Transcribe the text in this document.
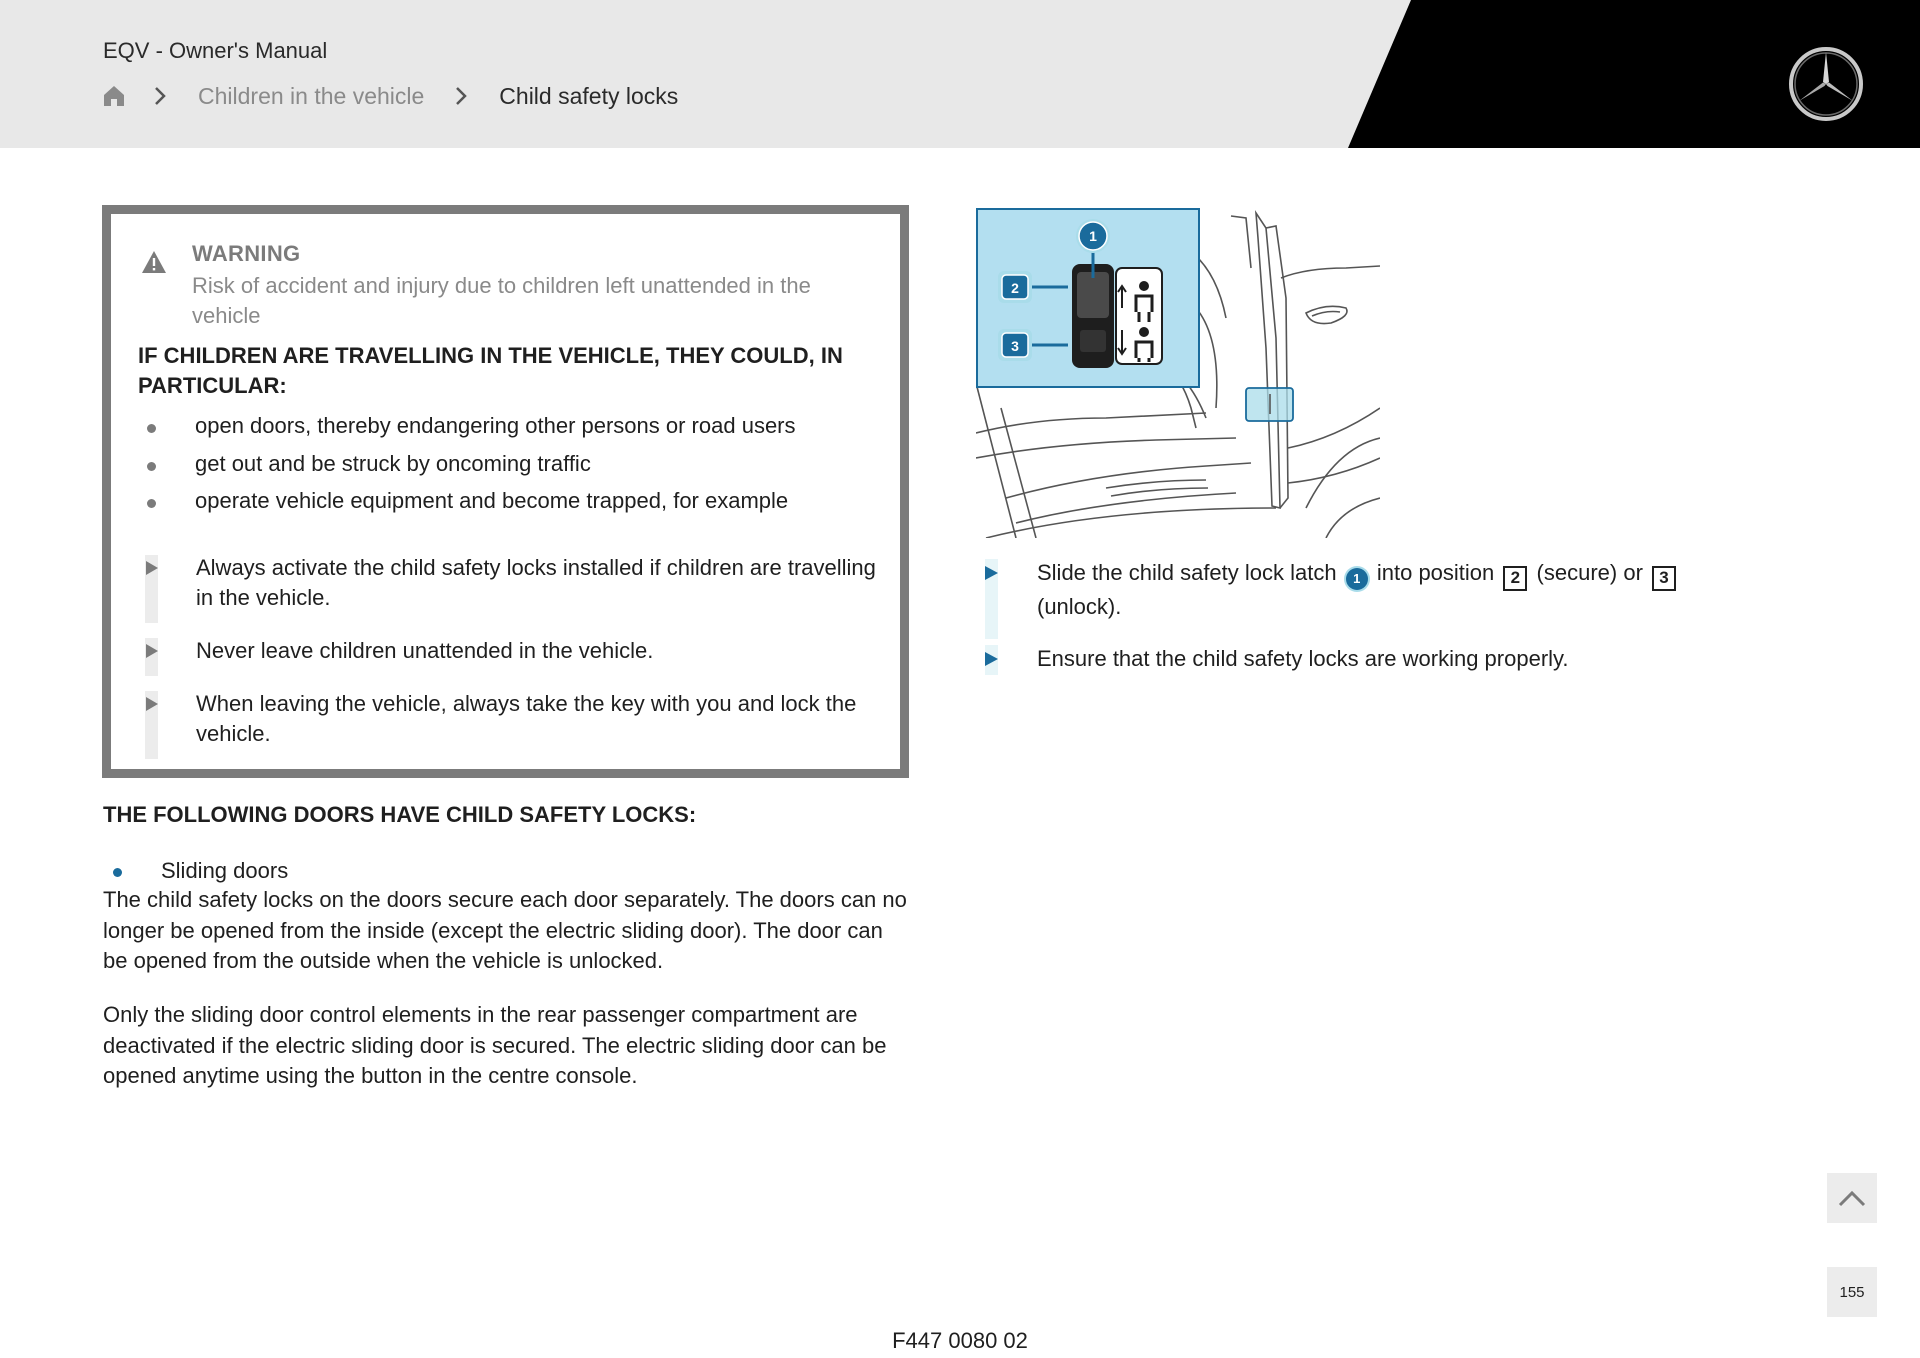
EQV - Owner's Manual
Children in the vehicle	Child safety locks
WARNING
Risk of accident and injury due to children left unattended in the vehicle
IF CHILDREN ARE TRAVELLING IN THE VEHICLE, THEY COULD, IN PARTICULAR:
open doors, thereby endangering other persons or road users
get out and be struck by oncoming traffic
operate vehicle equipment and become trapped, for example
Always activate the child safety locks installed if children are travelling in the vehicle.
Never leave children unattended in the vehicle.
When leaving the vehicle, always take the key with you and lock the vehicle.
THE FOLLOWING DOORS HAVE CHILD SAFETY LOCKS:
Sliding doors

The child safety locks on the doors secure each door separately. The doors can no longer be opened from the inside (except the electric sliding door). The door can be opened from the outside when the vehicle is unlocked.

Only the sliding door control elements in the rear passenger compartment are deactivated if the electric sliding door is secured. The electric sliding door can be opened anytime using the button in the centre console.

1
2
3
Slide the child safety lock latch 1 into position 2 (secure) or 3 (unlock).
Ensure that the child safety locks are working properly.
F447 0080 02
155
